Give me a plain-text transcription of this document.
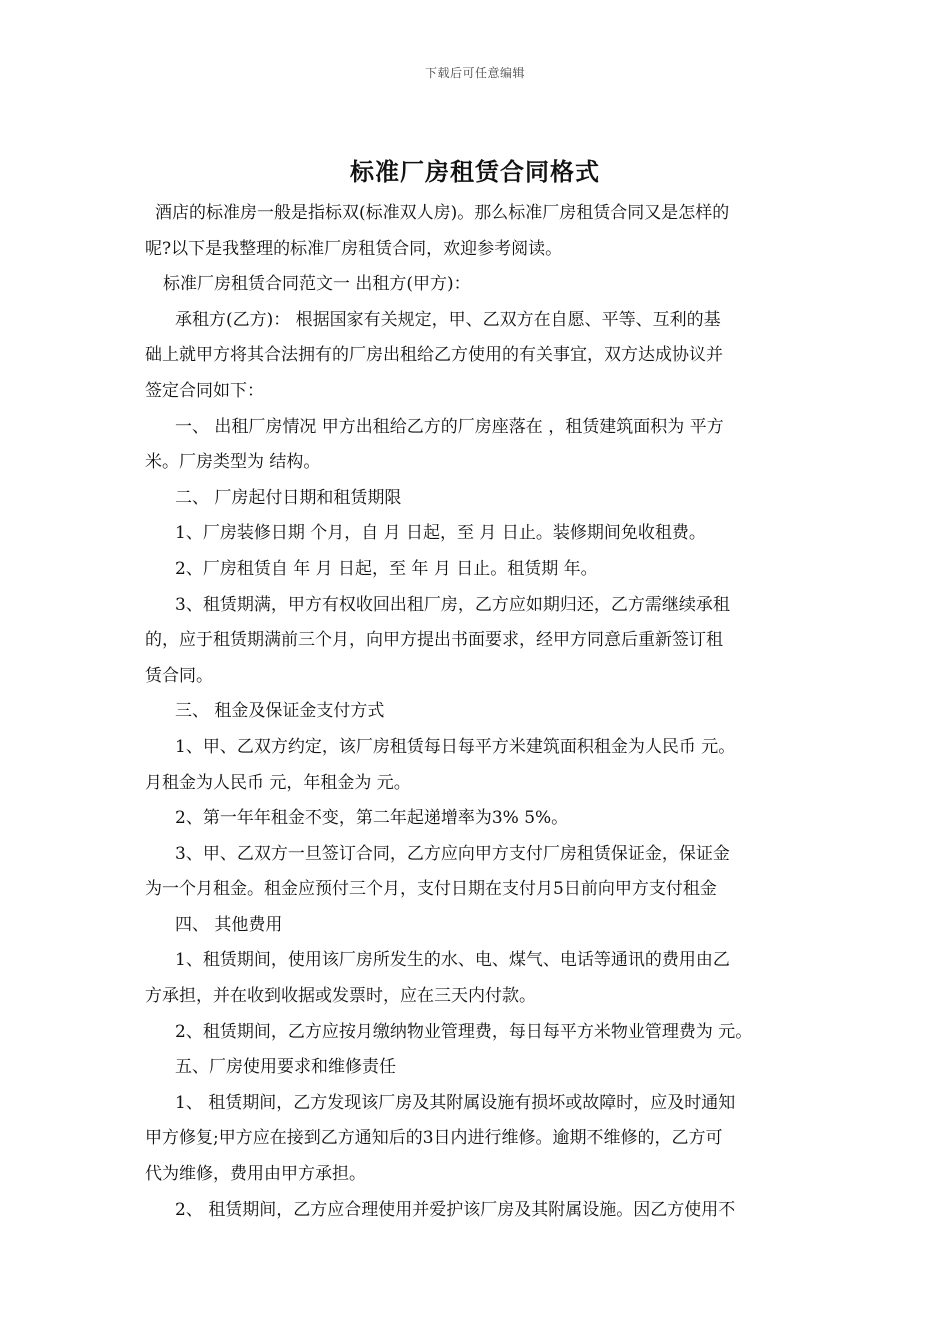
下载后可任意编辑
标准厂房租赁合同格式
酒店的标准房一般是指标双(标准双人房)。那么标准厂房租赁合同又是怎样的
呢?以下是我整理的标准厂房租赁合同，欢迎参考阅读。
标准厂房租赁合同范文一 出租方(甲方)：
承租方(乙方)： 根据国家有关规定，甲、乙双方在自愿、平等、互利的基
础上就甲方将其合法拥有的厂房出租给乙方使用的有关事宜，双方达成协议并
签定合同如下：
一、 出租厂房情况 甲方出租给乙方的厂房座落在 ，租赁建筑面积为 平方
米。厂房类型为 结构。
二、 厂房起付日期和租赁期限
1、厂房装修日期 个月，自 月 日起，至 月 日止。装修期间免收租费。
2、厂房租赁自 年 月 日起，至 年 月 日止。租赁期 年。
3、租赁期满，甲方有权收回出租厂房，乙方应如期归还，乙方需继续承租
的，应于租赁期满前三个月，向甲方提出书面要求，经甲方同意后重新签订租
赁合同。
三、 租金及保证金支付方式
1、甲、乙双方约定，该厂房租赁每日每平方米建筑面积租金为人民币 元。
月租金为人民币 元，年租金为 元。
2、第一年年租金不变，第二年起递增率为3% 5%。
3、甲、乙双方一旦签订合同，乙方应向甲方支付厂房租赁保证金，保证金
为一个月租金。租金应预付三个月，支付日期在支付月5日前向甲方支付租金
四、 其他费用
1、租赁期间，使用该厂房所发生的水、电、煤气、电话等通讯的费用由乙
方承担，并在收到收据或发票时，应在三天内付款。
2、租赁期间，乙方应按月缴纳物业管理费，每日每平方米物业管理费为 元。
五、厂房使用要求和维修责任
1、 租赁期间，乙方发现该厂房及其附属设施有损坏或故障时，应及时通知
甲方修复;甲方应在接到乙方通知后的3日内进行维修。逾期不维修的，乙方可
代为维修，费用由甲方承担。
2、 租赁期间，乙方应合理使用并爱护该厂房及其附属设施。因乙方使用不
